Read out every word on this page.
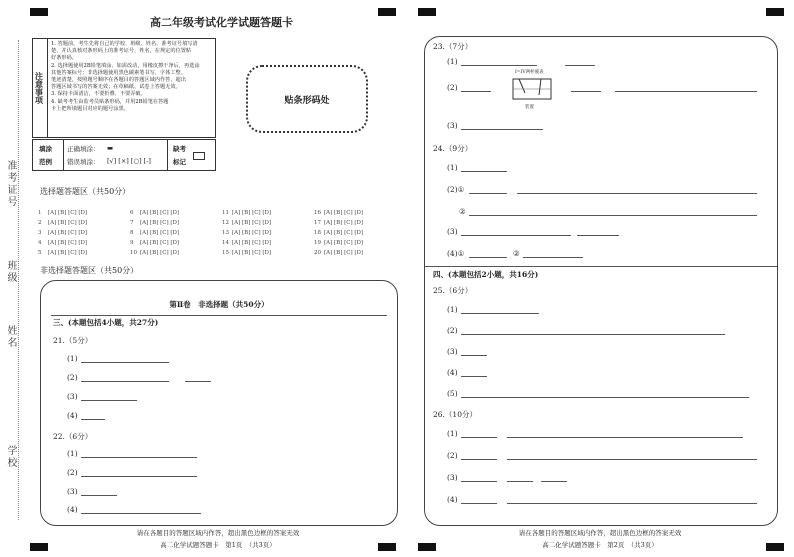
准考证号
班级
姓名
学校
高二年级考试化学试题答题卡
注意事项
1. 答题前，考生先将自己的学校、班级、姓名、准考证号填写清
楚，并认真核对条形码上的准考证号、姓名，在规定的位置贴
好条形码。
2. 选择题使用2B铅笔填涂，如需改动，用橡皮擦干净后，再选涂
其他答案标号；非选择题使用黑色碳素笔书写，字体工整、
笔迹清楚，按照题号顺序在各题目的答题区域内作答，超出
答题区域书写的答案无效；在草稿纸、试卷上答题无效。
3. 保持卡面清洁，不要折叠、不要弄破。
4. 缺考考生由监考员贴条形码，并用2B铅笔在答题
卡上把所填题目对应的题号涂黑。
填涂
范例
正确填涂： ▬
错误填涂： [√] [×] [○] [-]
缺考
标记
贴条形码处
选择题答题区（共50分）
1 [A] [B] [C] [D]
2 [A] [B] [C] [D]
3 [A] [B] [C] [D]
4 [A] [B] [C] [D]
5 [A] [B] [C] [D]
6 [A] [B] [C] [D]
7 [A] [B] [C] [D]
8 [A] [B] [C] [D]
9 [A] [B] [C] [D]
10 [A] [B] [C] [D]
11 [A] [B] [C] [D]
12 [A] [B] [C] [D]
13 [A] [B] [C] [D]
14 [A] [B] [C] [D]
15 [A] [B] [C] [D]
16 [A] [B] [C] [D]
17 [A] [B] [C] [D]
18 [A] [B] [C] [D]
19 [A] [B] [C] [D]
20 [A] [B] [C] [D]
非选择题答题区（共50分）
第Ⅱ卷　非选择题（共50分）
三、(本题包括4小题，共27分)
21.（5分）
(1)
(2)
(3)
(4)
22.（6分）
(1)
(2)
(3)
(4)
请在各题目的答题区域内作答，超出黑色边框的答案无效
高二化学试题答题卡　第1页　（共3页）
23.（7分）
(1)
(2)
I=IV两杯液表
装置
(3)
24.（9分）
(1)
(2)①
②
(3)
(4)①	②
四、(本题包括2小题，共16分)
25.（6分）
(1)
(2)
(3)
(4)
(5)
26.（10分）
(1)
(2)
(3)
(4)
请在各题目的答题区域内作答，超出黑色边框的答案无效
高二化学试题答题卡　第2页　（共3页）
